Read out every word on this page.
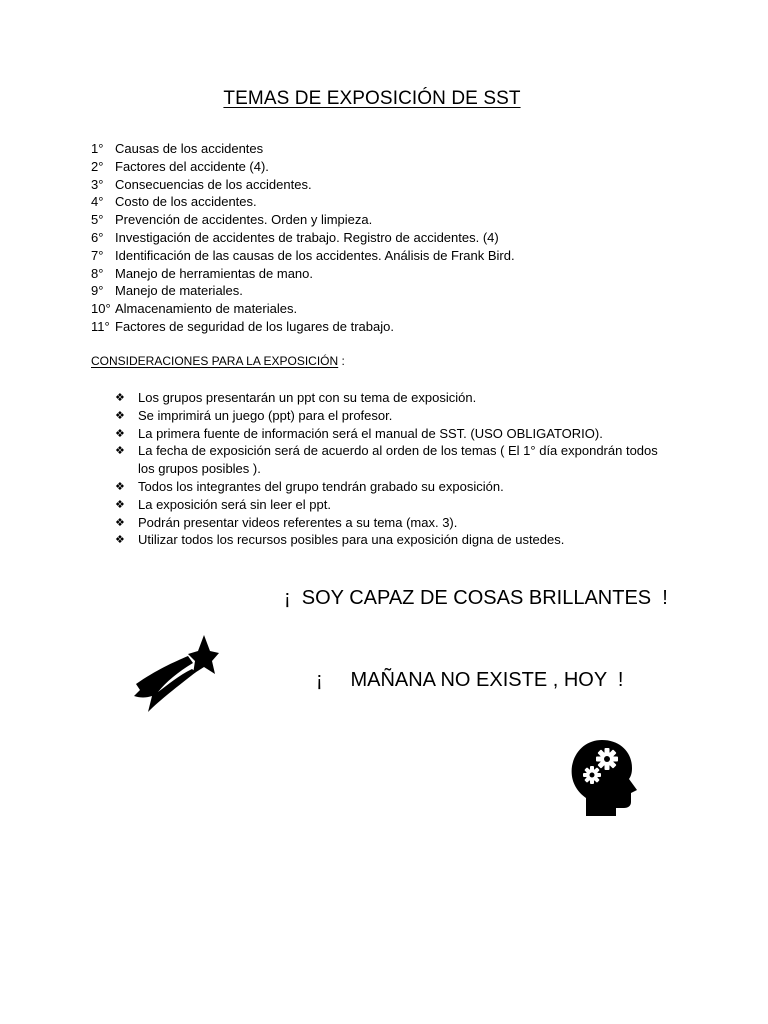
TEMAS DE EXPOSICIÓN DE SST
1° Causas de los accidentes
2° Factores del accidente (4).
3° Consecuencias de los accidentes.
4° Costo de los accidentes.
5° Prevención de accidentes. Orden y limpieza.
6° Investigación de accidentes de trabajo. Registro de accidentes. (4)
7° Identificación de las causas de los accidentes. Análisis de Frank Bird.
8° Manejo de herramientas de mano.
9° Manejo de materiales.
10° Almacenamiento de materiales.
11° Factores de seguridad de los lugares de trabajo.
CONSIDERACIONES PARA LA EXPOSICIÓN :
❖	Los grupos presentarán un ppt con su tema de exposición.
❖	Se imprimirá un juego (ppt) para el profesor.
❖	La primera fuente de información será el manual de SST. (USO OBLIGATORIO).
❖	La fecha de exposición será de acuerdo al orden de los temas ( El 1° día expondrán todos los grupos posibles ).
❖	Todos los integrantes del grupo tendrán grabado su exposición.
❖	La exposición será sin leer el ppt.
❖	Podrán presentar videos referentes a su tema (max. 3).
❖	Utilizar todos los recursos posibles para una exposición digna de ustedes.
¡  SOY CAPAZ DE COSAS BRILLANTES  !
¡     MAÑANA NO EXISTE , HOY  !
